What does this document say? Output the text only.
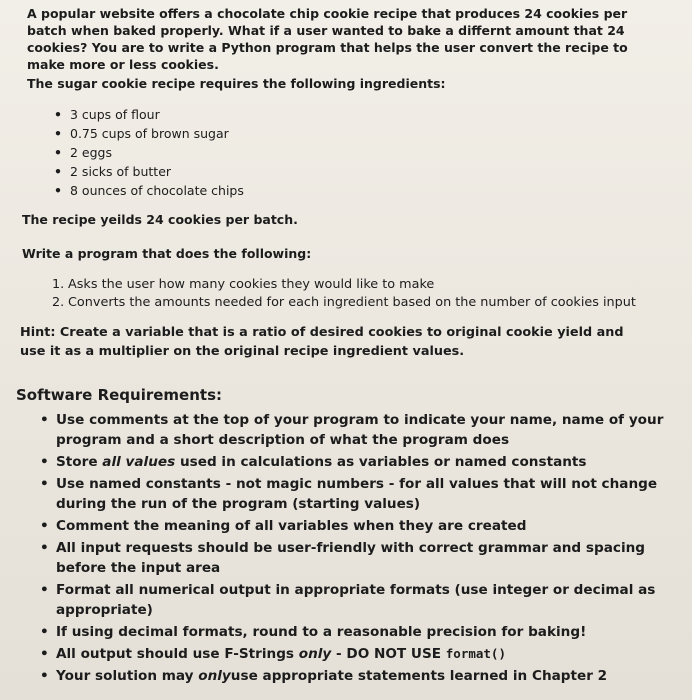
A popular website offers a chocolate chip cookie recipe that produces 24 cookies per batch when baked properly. What if a user wanted to bake a differnt amount that 24 cookies? You are to write a Python program that helps the user convert the recipe to make more or less cookies.

The sugar cookie recipe requires the following ingredients:

• 3 cups of flour
• 0.75 cups of brown sugar
• 2 eggs
• 2 sicks of butter
• 8 ounces of chocolate chips

The recipe yeilds 24 cookies per batch.

Write a program that does the following:

1. Asks the user how many cookies they would like to make
2. Converts the amounts needed for each ingredient based on the number of cookies input

Hint: Create a variable that is a ratio of desired cookies to original cookie yield and use it as a multiplier on the original recipe ingredient values.

Software Requirements:
• Use comments at the top of your program to indicate your name, name of your program and a short description of what the program does
• Store all values used in calculations as variables or named constants
• Use named constants - not magic numbers - for all values that will not change during the run of the program (starting values)
• Comment the meaning of all variables when they are created
• All input requests should be user-friendly with correct grammar and spacing before the input area
• Format all numerical output in appropriate formats (use integer or decimal as appropriate)
• If using decimal formats, round to a reasonable precision for baking!
• All output should use F-Strings only - DO NOT USE format()
• Your solution may onlyuse appropriate statements learned in Chapter 2
